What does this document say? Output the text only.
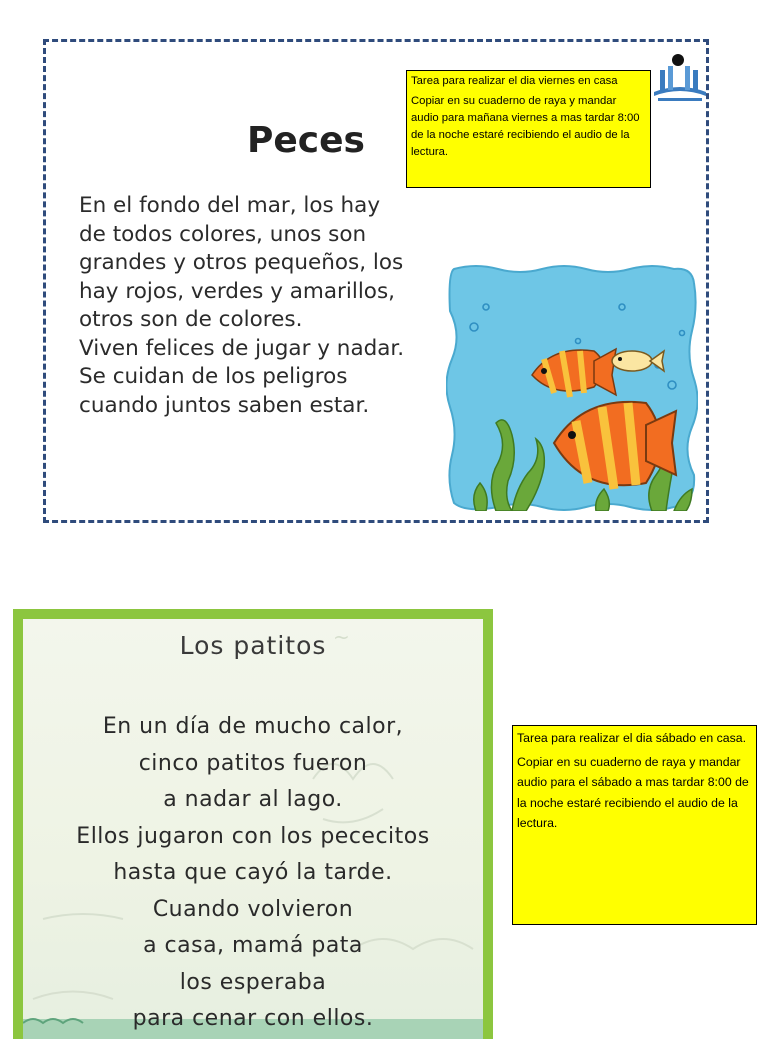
Peces
En el fondo del mar, los hay
de todos colores, unos son
grandes y otros pequeños, los
hay rojos, verdes y amarillos,
otros son de colores.
Viven felices de jugar y nadar.
Se cuidan de los peligros
cuando juntos saben estar.

Tarea para realizar el dia viernes en casa

Copiar en su cuaderno de raya y mandar audio para mañana viernes a mas tardar 8:00 de la noche estaré recibiendo el audio de la lectura.

~
Los patitos
En un día de mucho calor,
cinco patitos fueron
a nadar al lago.
Ellos jugaron con los pececitos
hasta que cayó la tarde.
Cuando volvieron
a casa, mamá pata
los esperaba
para cenar con ellos.

Tarea para realizar el dia sábado en casa.

Copiar en su cuaderno de raya y mandar audio para el sábado a mas tardar 8:00 de la noche estaré recibiendo el audio de la lectura.
